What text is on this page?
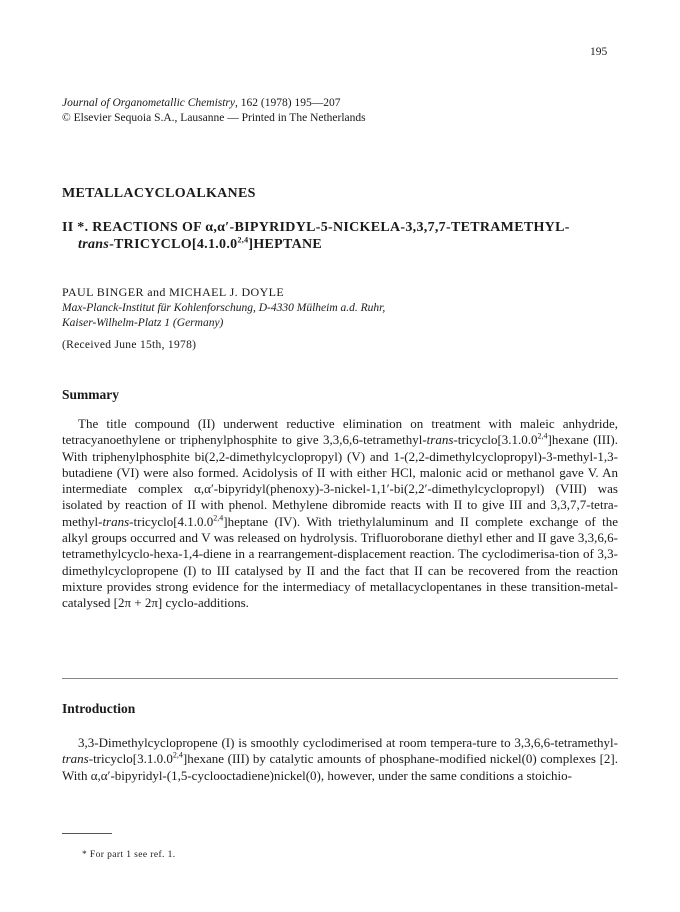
195
Journal of Organometallic Chemistry, 162 (1978) 195—207
© Elsevier Sequoia S.A., Lausanne — Printed in The Netherlands
METALLACYCLOALKANES
II *. REACTIONS OF α,α′-BIPYRIDYL-5-NICKELA-3,3,7,7-TETRAMETHYL-
trans-TRICYCLO[4.1.0.0$^{2,4}$]HEPTANE
PAUL BINGER and MICHAEL J. DOYLE
Max-Planck-Institut für Kohlenforschung, D-4330 Mülheim a.d. Ruhr,
Kaiser-Wilhelm-Platz 1 (Germany)
(Received June 15th, 1978)
Summary
The title compound (II) underwent reductive elimination on treatment with maleic anhydride, tetracyanoethylene or triphenylphosphite to give 3,3,6,6-tetramethyl-trans-tricyclo[3.1.0.0$^{2,4}$]hexane (III). With triphenylphosphite bi(2,2-dimethylcyclopropyl) (V) and 1-(2,2-dimethylcyclopropyl)-3-methyl-1,3-butadiene (VI) were also formed. Acidolysis of II with either HCl, malonic acid or methanol gave V. An intermediate complex α,α′-bipyridyl(phenoxy)-3-nickel-1,1′-bi(2,2′-dimethylcyclopropyl) (VIII) was isolated by reaction of II with phenol. Methylene dibromide reacts with II to give III and 3,3,7,7-tetra-methyl-trans-tricyclo[4.1.0.0$^{2,4}$]heptane (IV). With triethylaluminum and II complete exchange of the alkyl groups occurred and V was released on hydrolysis. Trifluoroborane diethyl ether and II gave 3,3,6,6-tetramethylcyclo-hexa-1,4-diene in a rearrangement-displacement reaction. The cyclodimerisa-tion of 3,3-dimethylcyclopropene (I) to III catalysed by II and the fact that II can be recovered from the reaction mixture provides strong evidence for the intermediacy of metallacyclopentanes in these transition-metal-catalysed [2π + 2π] cyclo-additions.
Introduction
3,3-Dimethylcyclopropene (I) is smoothly cyclodimerised at room tempera-ture to 3,3,6,6-tetramethyl-trans-tricyclo[3.1.0.0$^{2,4}$]hexane (III) by catalytic amounts of phosphane-modified nickel(0) complexes [2]. With α,α′-bipyridyl-(1,5-cyclooctadiene)nickel(0), however, under the same conditions a stoichio-
* For part 1 see ref. 1.
